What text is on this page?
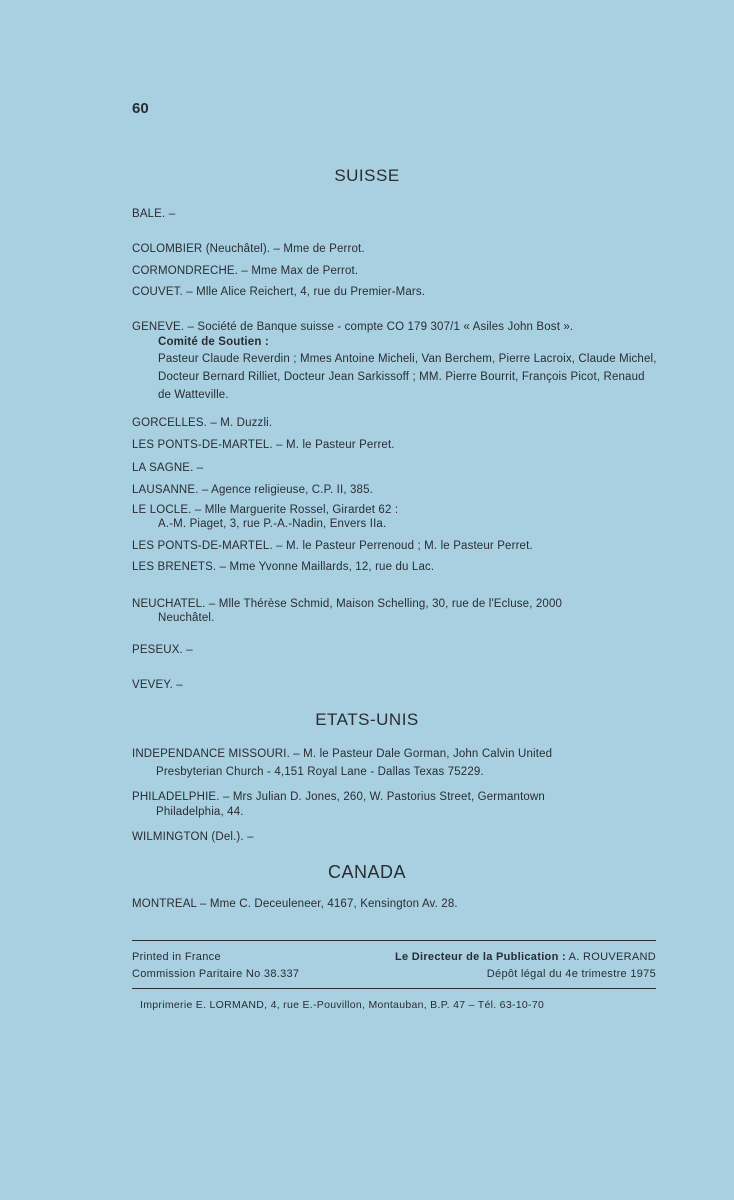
60
SUISSE
BALE. –
COLOMBIER (Neuchâtel). – Mme de Perrot.
CORMONDRECHE. – Mme Max de Perrot.
COUVET. – Mlle Alice Reichert, 4, rue du Premier-Mars.
GENEVE. – Société de Banque suisse - compte CO 179 307/1 « Asiles John Bost ».
Comité de Soutien :
Pasteur Claude Reverdin ; Mmes Antoine Micheli, Van Berchem, Pierre Lacroix, Claude Michel, Docteur Bernard Rilliet, Docteur Jean Sarkissoff ; MM. Pierre Bourrit, François Picot, Renaud de Watteville.
GORCELLES. – M. Duzzli.
LES PONTS-DE-MARTEL. – M. le Pasteur Perret.
LA SAGNE. –
LAUSANNE. – Agence religieuse, C.P. II, 385.
LE LOCLE. – Mlle Marguerite Rossel, Girardet 62 :
A.-M. Piaget, 3, rue P.-A.-Nadin, Envers IIa.
LES PONTS-DE-MARTEL. – M. le Pasteur Perrenoud ; M. le Pasteur Perret.
LES BRENETS. – Mme Yvonne Maillards, 12, rue du Lac.
NEUCHATEL. – Mlle Thérèse Schmid, Maison Schelling, 30, rue de l'Ecluse, 2000
Neuchâtel.
PESEUX. –
VEVEY. –
ETATS-UNIS
INDEPENDANCE MISSOURI. – M. le Pasteur Dale Gorman, John Calvin United
Presbyterian Church - 4,151 Royal Lane - Dallas Texas 75229.
PHILADELPHIE. – Mrs Julian D. Jones, 260, W. Pastorius Street, Germantown
Philadelphia, 44.
WILMINGTON (Del.). –
CANADA
MONTREAL – Mme C. Deceuleneer, 4167, Kensington Av. 28.
Printed in France	Le Directeur de la Publication : A. ROUVERAND
Commission Paritaire No 38.337	Dépôt légal du 4e trimestre 1975
Imprimerie E. LORMAND, 4, rue E.-Pouvillon, Montauban, B.P. 47 – Tél. 63-10-70
